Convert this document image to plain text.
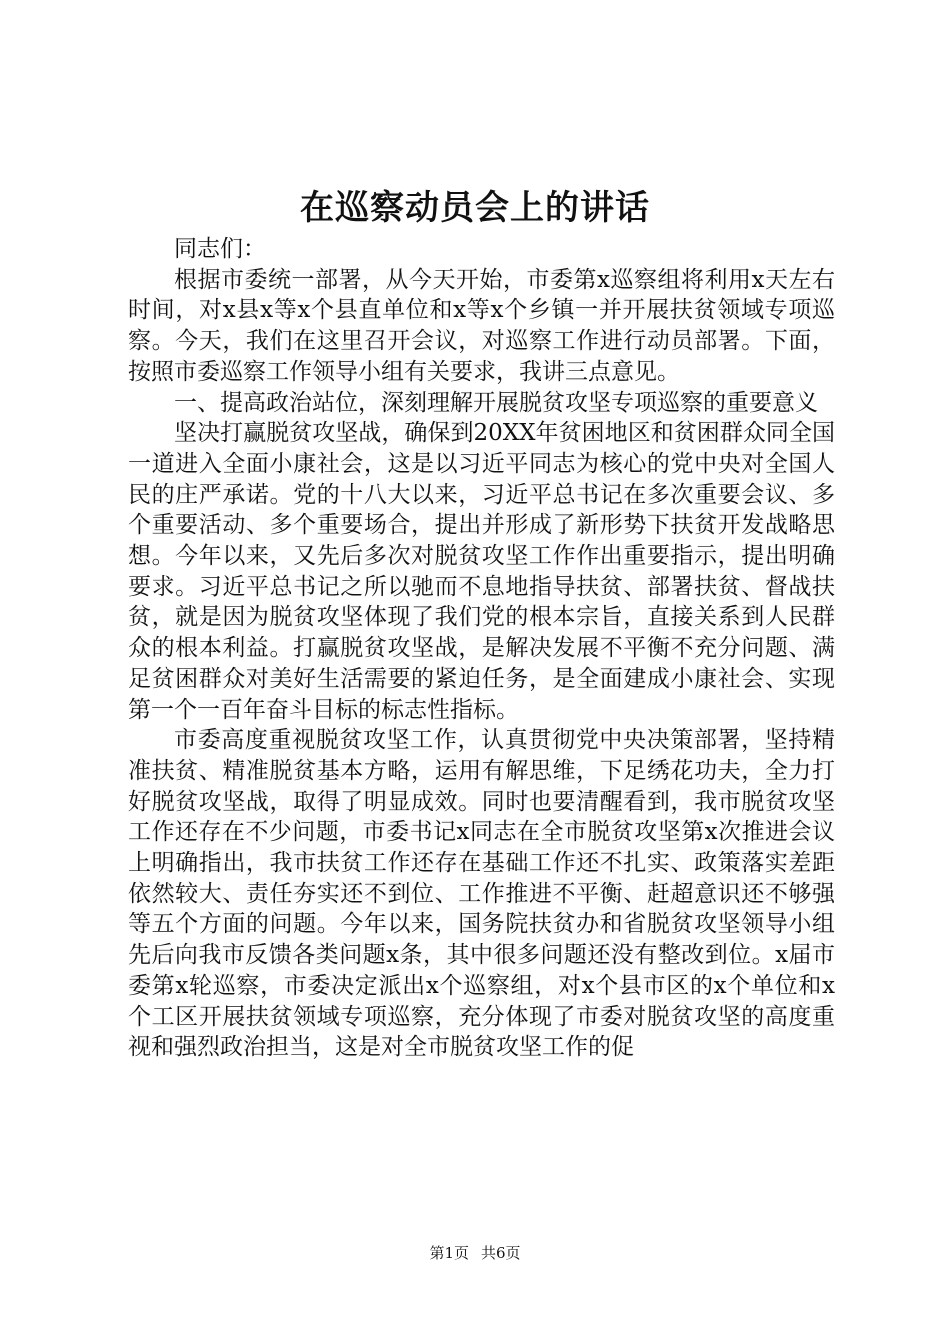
在巡察动员会上的讲话

同志们：

根据市委统一部署，从今天开始，市委第x巡察组将利用x天左右时间，对x县x等x个县直单位和x等x个乡镇一并开展扶贫领域专项巡察。今天，我们在这里召开会议，对巡察工作进行动员部署。下面，按照市委巡察工作领导小组有关要求，我讲三点意见。

一、提高政治站位，深刻理解开展脱贫攻坚专项巡察的重要意义

坚决打赢脱贫攻坚战，确保到20XX年贫困地区和贫困群众同全国一道进入全面小康社会，这是以习近平同志为核心的党中央对全国人民的庄严承诺。党的十八大以来，习近平总书记在多次重要会议、多个重要活动、多个重要场合，提出并形成了新形势下扶贫开发战略思想。今年以来，又先后多次对脱贫攻坚工作作出重要指示，提出明确要求。习近平总书记之所以驰而不息地指导扶贫、部署扶贫、督战扶贫，就是因为脱贫攻坚体现了我们党的根本宗旨，直接关系到人民群众的根本利益。打赢脱贫攻坚战，是解决发展不平衡不充分问题、满足贫困群众对美好生活需要的紧迫任务，是全面建成小康社会、实现第一个一百年奋斗目标的标志性指标。

市委高度重视脱贫攻坚工作，认真贯彻党中央决策部署，坚持精准扶贫、精准脱贫基本方略，运用有解思维，下足绣花功夫，全力打好脱贫攻坚战，取得了明显成效。同时也要清醒看到，我市脱贫攻坚工作还存在不少问题，市委书记x同志在全市脱贫攻坚第x次推进会议上明确指出，我市扶贫工作还存在基础工作还不扎实、政策落实差距依然较大、责任夯实还不到位、工作推进不平衡、赶超意识还不够强等五个方面的问题。今年以来，国务院扶贫办和省脱贫攻坚领导小组先后向我市反馈各类问题x条，其中很多问题还没有整改到位。x届市委第x轮巡察，市委决定派出x个巡察组，对x个县市区的x个单位和x个工区开展扶贫领域专项巡察，充分体现了市委对脱贫攻坚的高度重视和强烈政治担当，这是对全市脱贫攻坚工作的促

第1页 共6页
